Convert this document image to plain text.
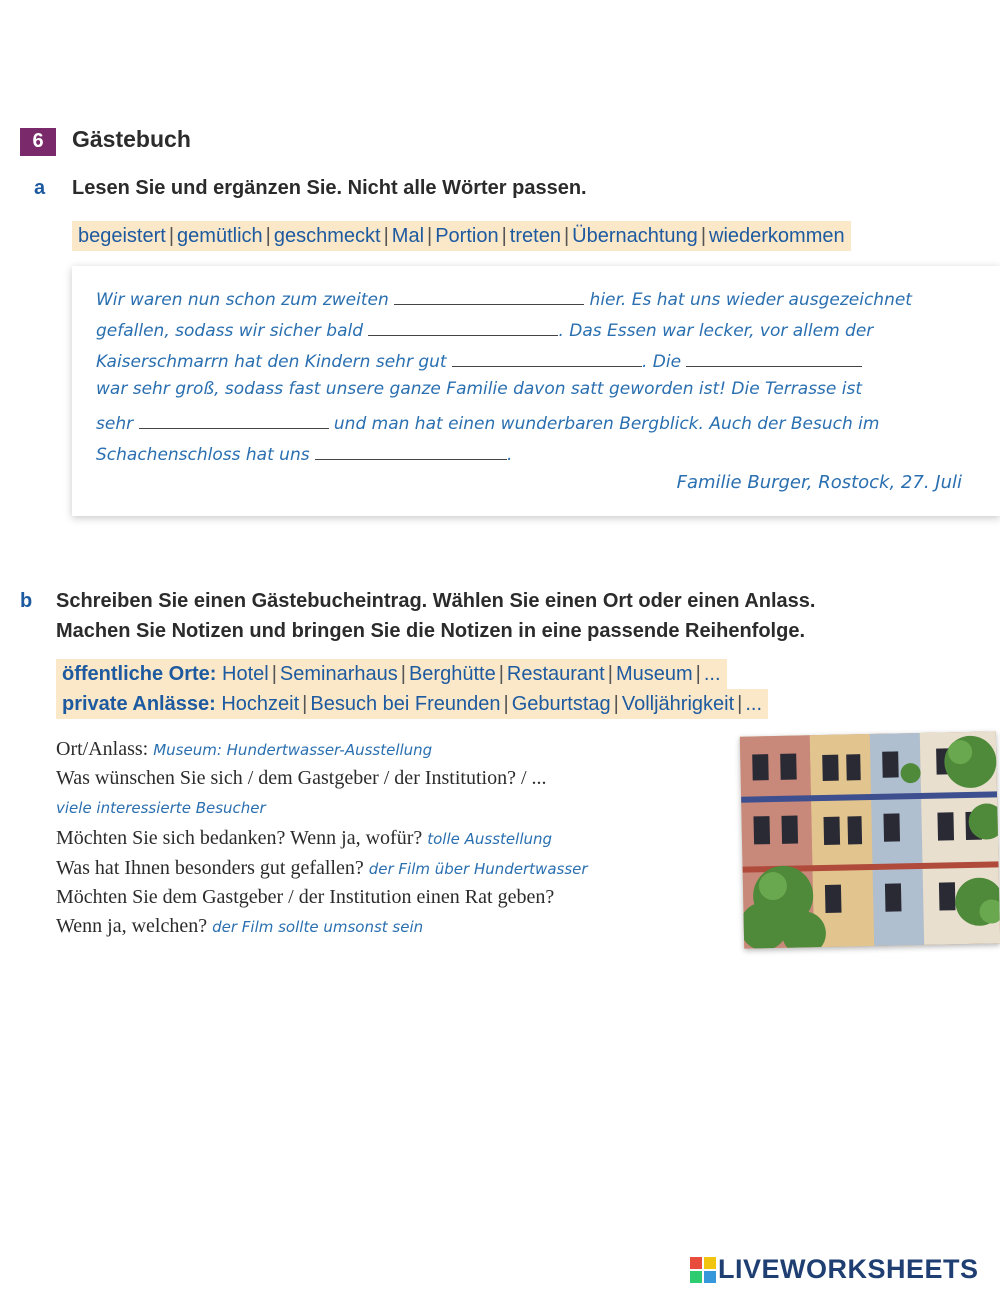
6	Gästebuch
a Lesen Sie und ergänzen Sie. Nicht alle Wörter passen.
begeistert | gemütlich | geschmeckt | Mal | Portion | treten | Übernachtung | wiederkommen
Wir waren nun schon zum zweiten	hier. Es hat uns wieder ausgezeichnet
gefallen, sodass wir sicher bald	. Das Essen war lecker, vor allem der
Kaiserschmarrn hat den Kindern sehr gut	. Die
war sehr groß, sodass fast unsere ganze Familie davon satt geworden ist! Die Terrasse ist
sehr	und man hat einen wunderbaren Bergblick. Auch der Besuch im
Schachenschloss hat uns	.
Familie Burger, Rostock, 27. Juli
b Schreiben Sie einen Gästebucheintrag. Wählen Sie einen Ort oder einen Anlass.
Machen Sie Notizen und bringen Sie die Notizen in eine passende Reihenfolge.
öffentliche Orte: Hotel | Seminarhaus | Berghütte | Restaurant | Museum | ...
private Anlässe: Hochzeit | Besuch bei Freunden | Geburtstag | Volljährigkeit | ...
Ort/Anlass: Museum: Hundertwasser-Ausstellung
Was wünschen Sie sich / dem Gastgeber / der Institution? / ...
viele interessierte Besucher
Möchten Sie sich bedanken? Wenn ja, wofür? tolle Ausstellung
Was hat Ihnen besonders gut gefallen? der Film über Hundertwasser
Möchten Sie dem Gastgeber / der Institution einen Rat geben?
Wenn ja, welchen? der Film sollte umsonst sein
LIVEWORKSHEETS
